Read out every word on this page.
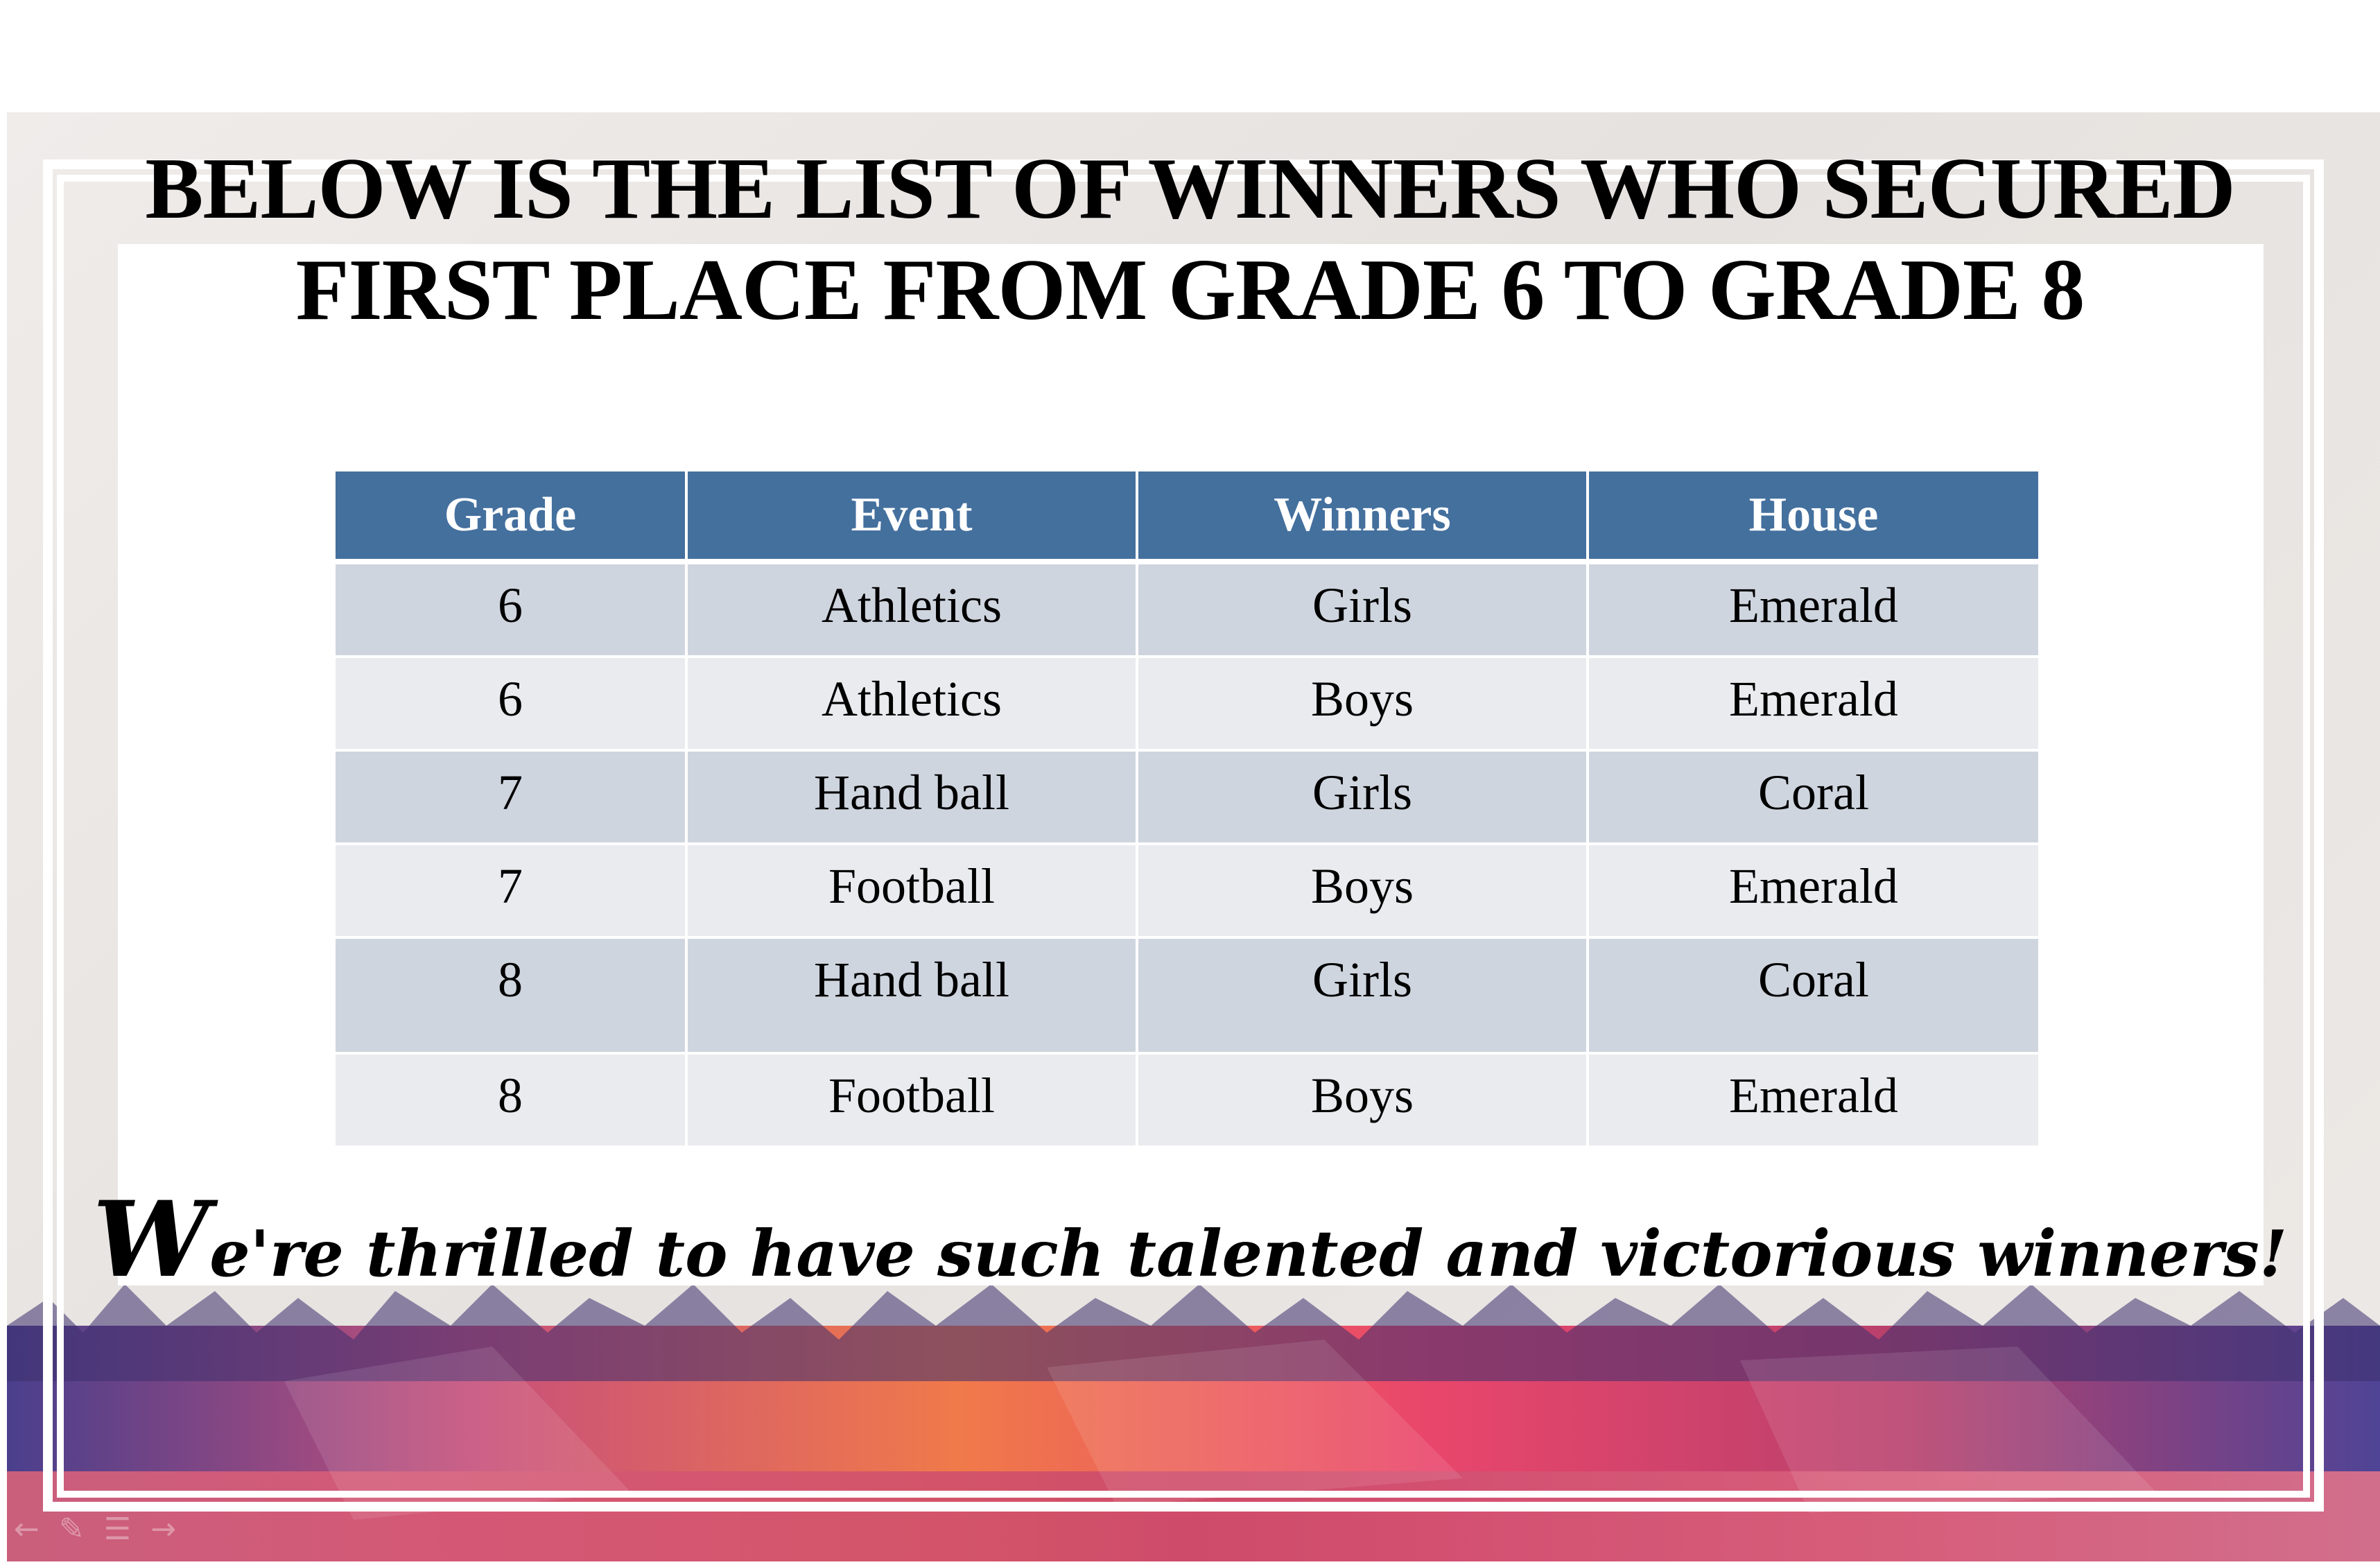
BELOW IS THE LIST OF WINNERS WHO SECURED
FIRST PLACE FROM GRADE 6 TO GRADE 8
Grade	Event	Winners	House
6	Athletics	Girls	Emerald
6	Athletics	Boys	Emerald
7	Hand ball	Girls	Coral
7	Football	Boys	Emerald
8	Hand ball	Girls	Coral
8	Football	Boys	Emerald
We're thrilled to have such talented and victorious winners!
← ✎ ☰ →
